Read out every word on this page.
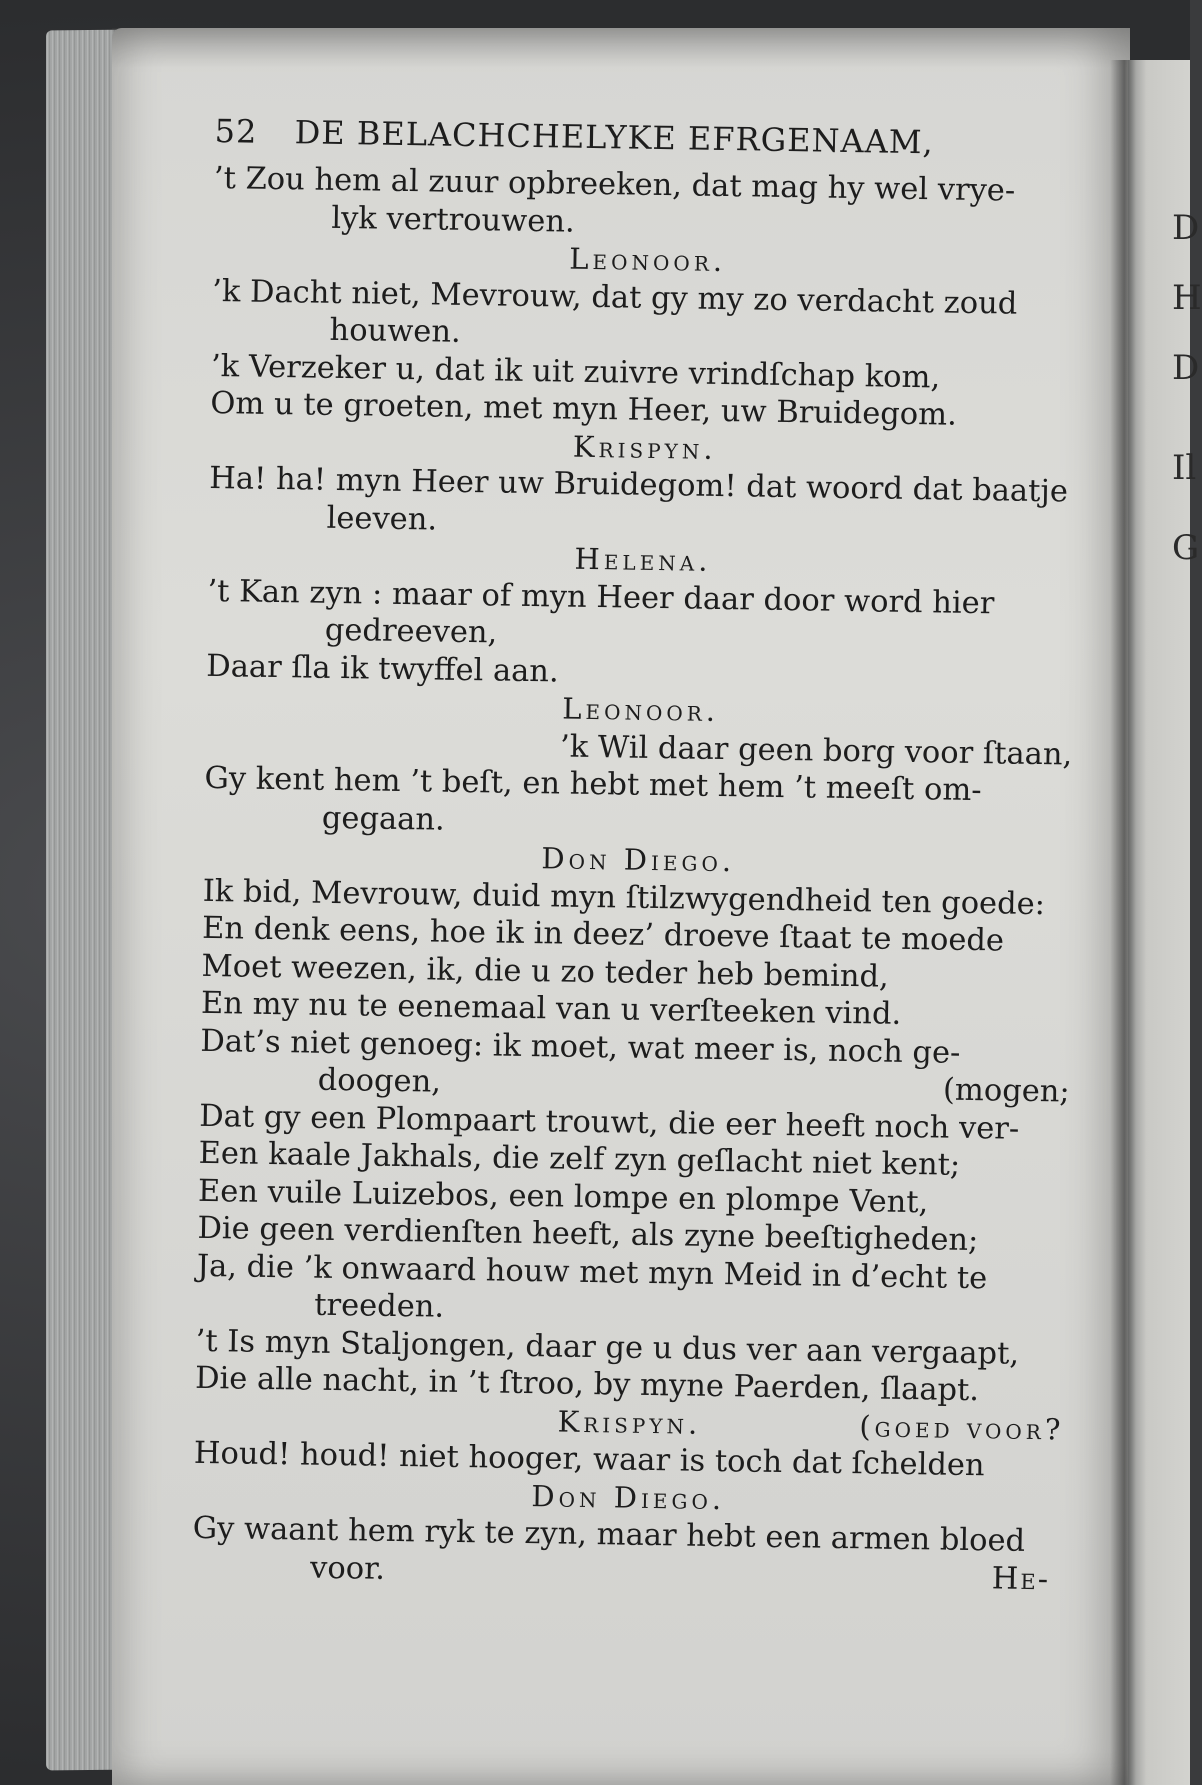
D
H
D
Il
G
52 DE BELACHCHELYKE EFRGENAAM,
’t Zou hem al zuur opbreeken, dat mag hy wel vrye-
lyk vertrouwen.
Leonoor.
’k Dacht niet, Mevrouw, dat gy my zo verdacht zoud
houwen.
’k Verzeker u, dat ik uit zuivre vrindſchap kom,
Om u te groeten, met myn Heer, uw Bruidegom.
Krispyn.
Ha! ha! myn Heer uw Bruidegom! dat woord dat baatje
leeven.
Helena.
’t Kan zyn : maar of myn Heer daar door word hier
gedreeven,
Daar ſla ik twyffel aan.
Leonoor.
’k Wil daar geen borg voor ſtaan,
Gy kent hem ’t beſt, en hebt met hem ’t meeſt om-
gegaan.
Don Diego.
Ik bid, Mevrouw, duid myn ſtilzwygendheid ten goede:
En denk eens, hoe ik in deez’ droeve ſtaat te moede
Moet weezen, ik, die u zo teder heb bemind,
En my nu te eenemaal van u verſteeken vind.
Dat’s niet genoeg: ik moet, wat meer is, noch ge-
doogen,	(mogen;
Dat gy een Plompaart trouwt, die eer heeft noch ver-
Een kaale Jakhals, die zelf zyn geſlacht niet kent;
Een vuile Luizebos, een lompe en plompe Vent,
Die geen verdienſten heeft, als zyne beeſtigheden;
Ja, die ’k onwaard houw met myn Meid in d’echt te
treeden.
’t Is myn Staljongen, daar ge u dus ver aan vergaapt,
Die alle nacht, in ’t ſtroo, by myne Paerden, ſlaapt.
Krispyn.	(goed voor?
Houd! houd! niet hooger, waar is toch dat ſchelden
Don Diego.
Gy waant hem ryk te zyn, maar hebt een armen bloed
voor.	He-
